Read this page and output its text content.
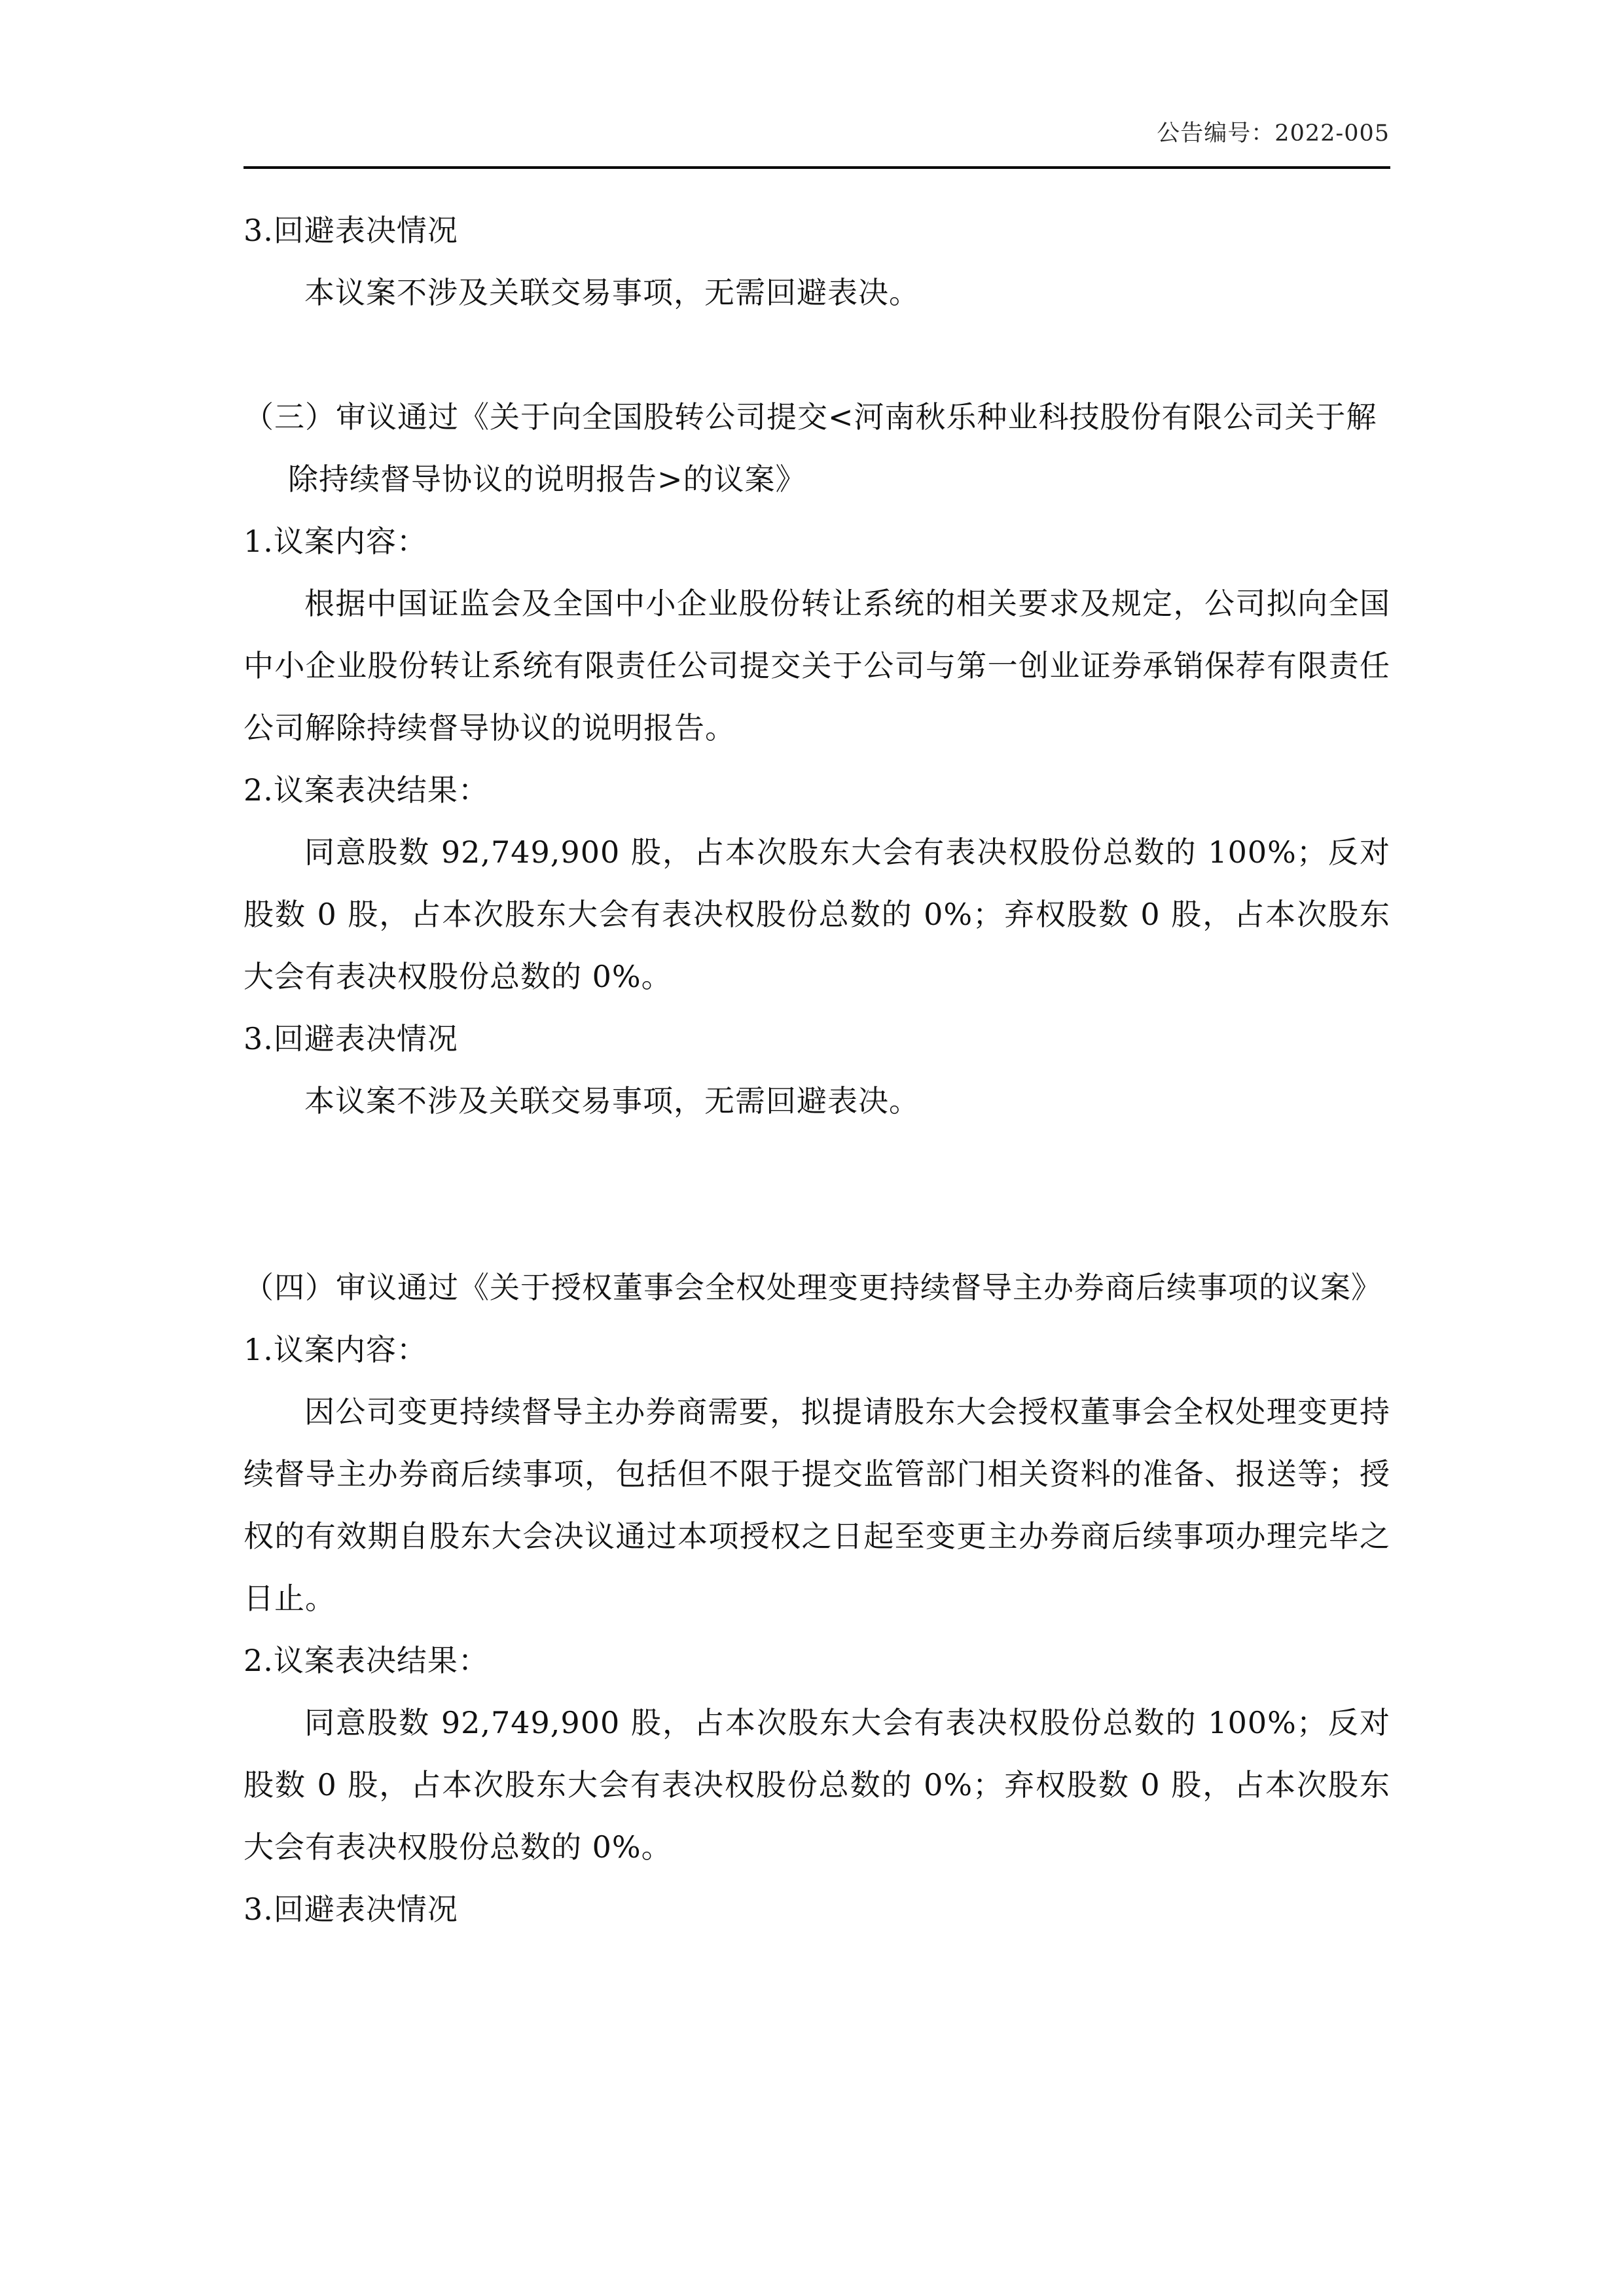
公告编号：2022-005

3.回避表决情况

本议案不涉及关联交易事项，无需回避表决。

（三）审议通过《关于向全国股转公司提交<河南秋乐种业科技股份有限公司关于解除持续督导协议的说明报告>的议案》

1.议案内容：

根据中国证监会及全国中小企业股份转让系统的相关要求及规定，公司拟向全国中小企业股份转让系统有限责任公司提交关于公司与第一创业证券承销保荐有限责任公司解除持续督导协议的说明报告。

2.议案表决结果：

同意股数 92,749,900 股，占本次股东大会有表决权股份总数的 100%；反对股数 0 股，占本次股东大会有表决权股份总数的 0%；弃权股数 0 股，占本次股东大会有表决权股份总数的 0%。

3.回避表决情况

本议案不涉及关联交易事项，无需回避表决。

（四）审议通过《关于授权董事会全权处理变更持续督导主办券商后续事项的议案》

1.议案内容：

因公司变更持续督导主办券商需要，拟提请股东大会授权董事会全权处理变更持续督导主办券商后续事项，包括但不限于提交监管部门相关资料的准备、报送等；授权的有效期自股东大会决议通过本项授权之日起至变更主办券商后续事项办理完毕之日止。

2.议案表决结果：

同意股数 92,749,900 股，占本次股东大会有表决权股份总数的 100%；反对股数 0 股，占本次股东大会有表决权股份总数的 0%；弃权股数 0 股，占本次股东大会有表决权股份总数的 0%。

3.回避表决情况
